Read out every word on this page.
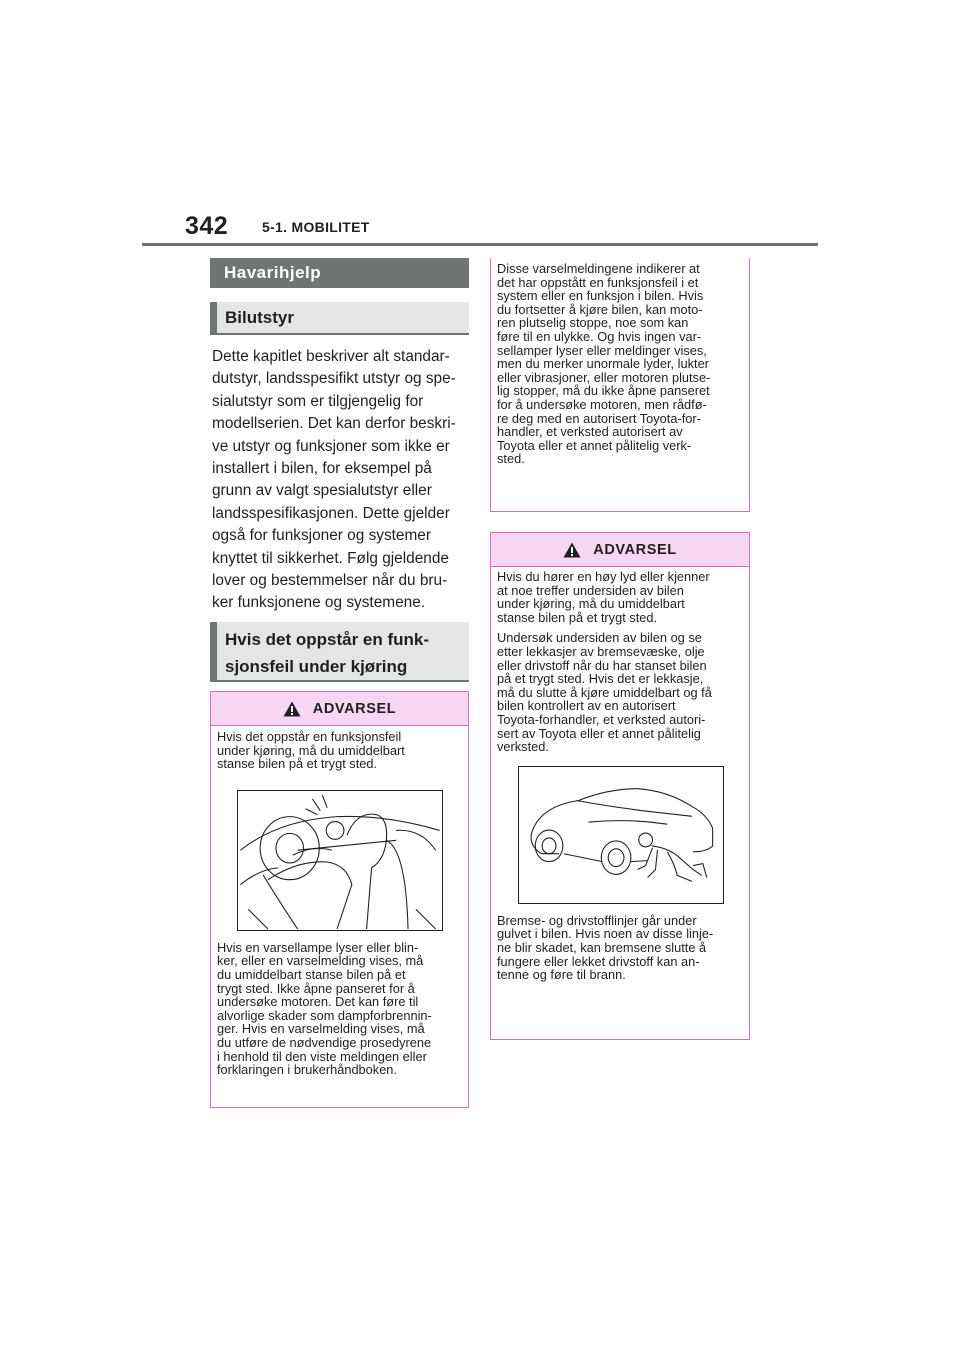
342 5-1. MOBILITET
Havarihjelp
Bilutstyr
Dette kapitlet beskriver alt standar-
dutstyr, landsspesifikt utstyr og spe-
sialutstyr som er tilgjengelig for
modellserien. Det kan derfor beskri-
ve utstyr og funksjoner som ikke er
installert i bilen, for eksempel på
grunn av valgt spesialutstyr eller
landsspesifikasjonen. Dette gjelder
også for funksjoner og systemer
knyttet til sikkerhet. Følg gjeldende
lover og bestemmelser når du bru-
ker funksjonene og systemene.
Hvis det oppstår en funk-
sjonsfeil under kjøring
ADVARSEL
Hvis det oppstår en funksjonsfeil
under kjøring, må du umiddelbart
stanse bilen på et trygt sted.
Hvis en varsellampe lyser eller blin-
ker, eller en varselmelding vises, må
du umiddelbart stanse bilen på et
trygt sted. Ikke åpne panseret for å
undersøke motoren. Det kan føre til
alvorlige skader som dampforbrennin-
ger. Hvis en varselmelding vises, må
du utføre de nødvendige prosedyrene
i henhold til den viste meldingen eller
forklaringen i brukerhåndboken.
Disse varselmeldingene indikerer at
det har oppstått en funksjonsfeil i et
system eller en funksjon i bilen. Hvis
du fortsetter å kjøre bilen, kan moto-
ren plutselig stoppe, noe som kan
føre til en ulykke. Og hvis ingen var-
sellamper lyser eller meldinger vises,
men du merker unormale lyder, lukter
eller vibrasjoner, eller motoren plutse-
lig stopper, må du ikke åpne panseret
for å undersøke motoren, men rådfø-
re deg med en autorisert Toyota-for-
handler, et verksted autorisert av
Toyota eller et annet pålitelig verk-
sted.
ADVARSEL
Hvis du hører en høy lyd eller kjenner
at noe treffer undersiden av bilen
under kjøring, må du umiddelbart
stanse bilen på et trygt sted.
Undersøk undersiden av bilen og se
etter lekkasjer av bremsevæske, olje
eller drivstoff når du har stanset bilen
på et trygt sted. Hvis det er lekkasje,
må du slutte å kjøre umiddelbart og få
bilen kontrollert av en autorisert
Toyota-forhandler, et verksted autori-
sert av Toyota eller et annet pålitelig
verksted.
Bremse- og drivstofflinjer går under
gulvet i bilen. Hvis noen av disse linje-
ne blir skadet, kan bremsene slutte å
fungere eller lekket drivstoff kan an-
tenne og føre til brann.
